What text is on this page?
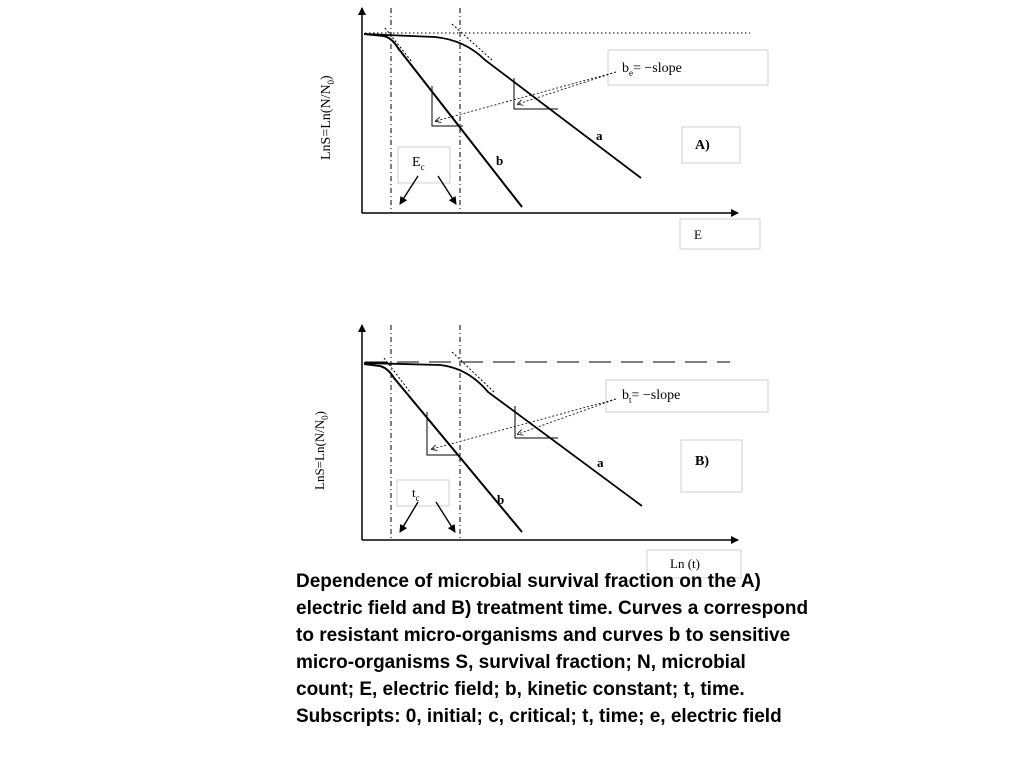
$b_e=$ −slope
a
b
A)
E
$E_c$
$LnS=Ln(N/N_0)$
$b_t=$ −slope
a
b
B)
Ln (t)
$t_c$
$LnS=Ln(N/N_0)$
Dependence of microbial survival fraction on the A)
electric field and B) treatment time. Curves a correspond
to resistant micro-organisms and curves b to sensitive
micro-organisms S, survival fraction; N, microbial
count; E, electric field; b, kinetic constant; t, time.
Subscripts: 0, initial; c, critical; t, time; e, electric field
